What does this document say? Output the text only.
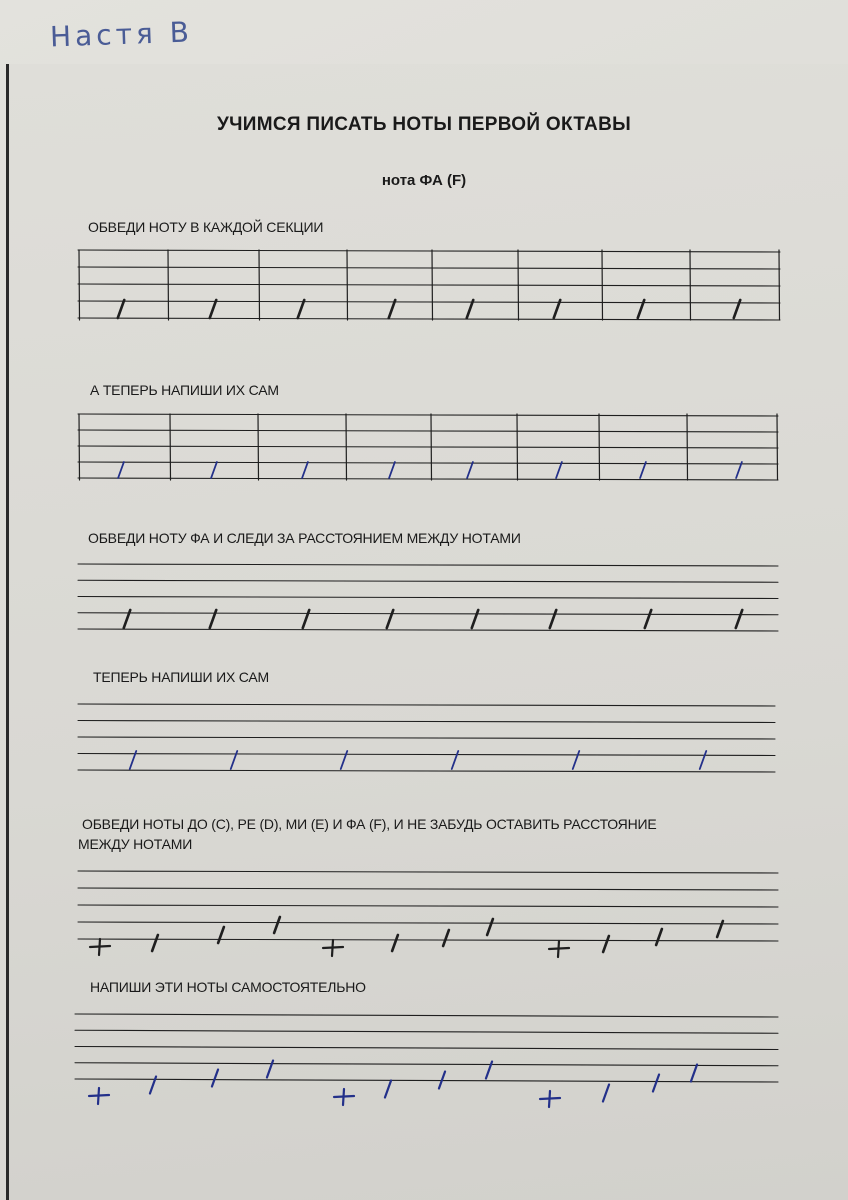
Настя В
УЧИМСЯ ПИСАТЬ НОТЫ ПЕРВОЙ ОКТАВЫ
нота ФА (F)
ОБВЕДИ НОТУ В КАЖДОЙ СЕКЦИИ
А ТЕПЕРЬ НАПИШИ ИХ САМ
ОБВЕДИ НОТУ ФА И СЛЕДИ ЗА РАССТОЯНИЕМ МЕЖДУ НОТАМИ
ТЕПЕРЬ НАПИШИ ИХ САМ
ОБВЕДИ НОТЫ ДО (С), РЕ (D), МИ (E) И ФА (F), И НЕ ЗАБУДЬ ОСТАВИТЬ РАССТОЯНИЕ
МЕЖДУ НОТАМИ
НАПИШИ ЭТИ НОТЫ САМОСТОЯТЕЛЬНО
